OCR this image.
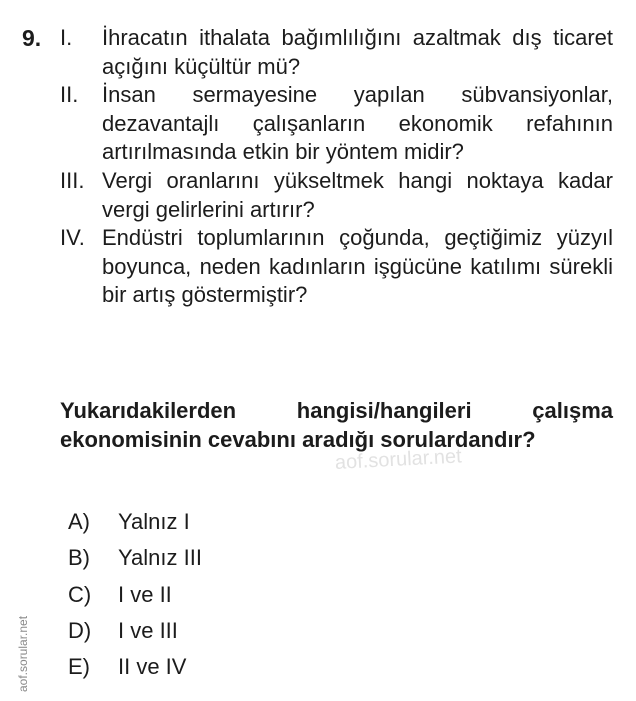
9. I.	İhracatın ithalata bağımlılığını azaltmak dış ticaret açığını küçültür mü?
II.	İnsan sermayesine yapılan sübvansiyonlar, dezavantajlı çalışanların ekonomik refahının artırılmasında etkin bir yöntem midir?
III. Vergi oranlarını yükseltmek hangi noktaya kadar vergi gelirlerini artırır?
IV. Endüstri toplumlarının çoğunda, geçtiğimiz yüzyıl boyunca, neden kadınların işgücüne katılımı sürekli bir artış göstermiştir?
Yukarıdakilerden hangisi/hangileri çalışma ekonomisinin cevabını aradığı sorulardandır?
aof.sorular.net
A)	Yalnız I
B)	Yalnız III
C)	I ve II
D)	I ve III
E)	II ve IV
aof.sorular.net
